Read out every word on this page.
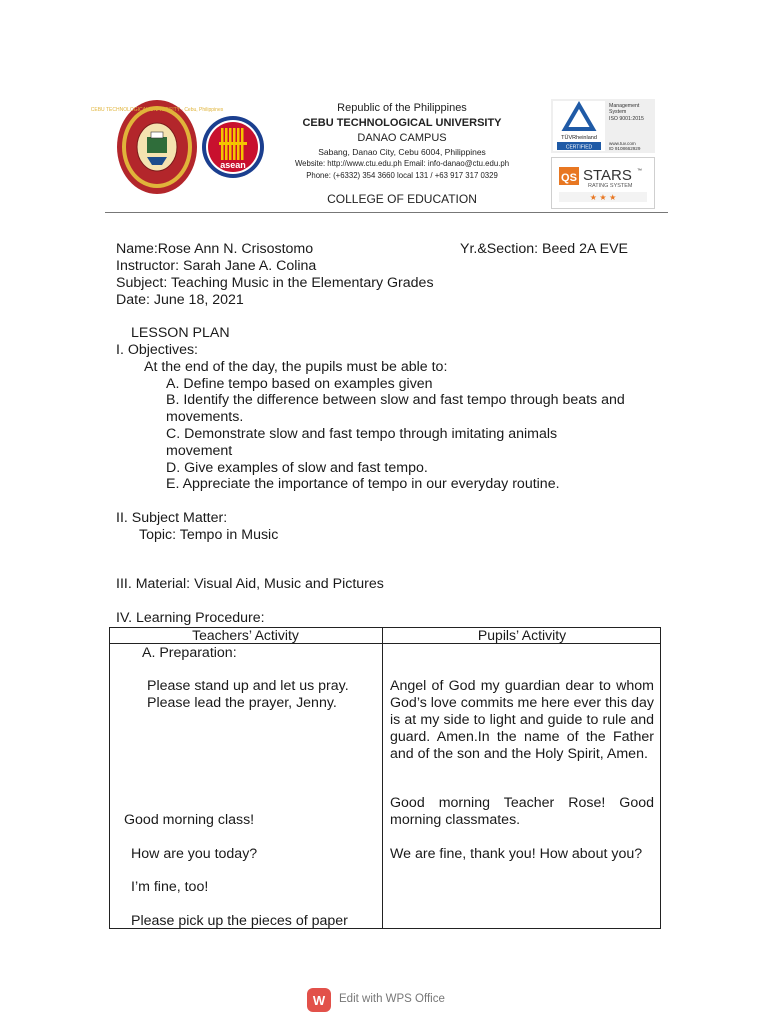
CEBU TECHNOLOGICAL UNIVERSITY · Cebu, Philippines
asean
Republic of the Philippines
CEBU TECHNOLOGICAL UNIVERSITY
DANAO CAMPUS
Sabang, Danao City, Cebu 6004, Philippines
Website: http://www.ctu.edu.ph Email: info-danao@ctu.edu.ph
Phone: (+6332) 354 3660 local 131 / +63 917 317 0329
COLLEGE OF EDUCATION
TÜVRheinland
CERTIFIED
Management
System
ISO 9001:2015
www.tuv.com
ID 9108662929
QS STARS ™
RATING SYSTEM
★ ★ ★
Name:Rose Ann N. Crisostomo	Yr.&Section: Beed 2A EVE
Instructor: Sarah Jane A. Colina
Subject: Teaching Music in the Elementary Grades
Date: June 18, 2021
LESSON PLAN
I. Objectives:
At the end of the day, the pupils must be able to:
A. Define tempo based on examples given
B. Identify the difference between slow and fast tempo through beats and movements.
C. Demonstrate slow and fast tempo through imitating animals movement
D. Give examples of slow and fast tempo.
E. Appreciate the importance of tempo in our everyday routine.
II. Subject Matter:
Topic: Tempo in Music
III. Material: Visual Aid, Music and Pictures
IV. Learning Procedure:
Teachers’ Activity	Pupils’ Activity
A. Preparation:
Please stand up and let us pray.
Please lead the prayer, Jenny.
Good morning class!
How are you today?
I’m fine, too!
Please pick up the pieces of paper
Angel of God my guardian dear to whom God’s love commits me here ever this day is at my side to light and guide to rule and guard. Amen.In the name of the Father and of the son and the Holy Spirit, Amen.
Good morning Teacher Rose! Good morning classmates.
We are fine, thank you! How about you?
W Edit with WPS Office
